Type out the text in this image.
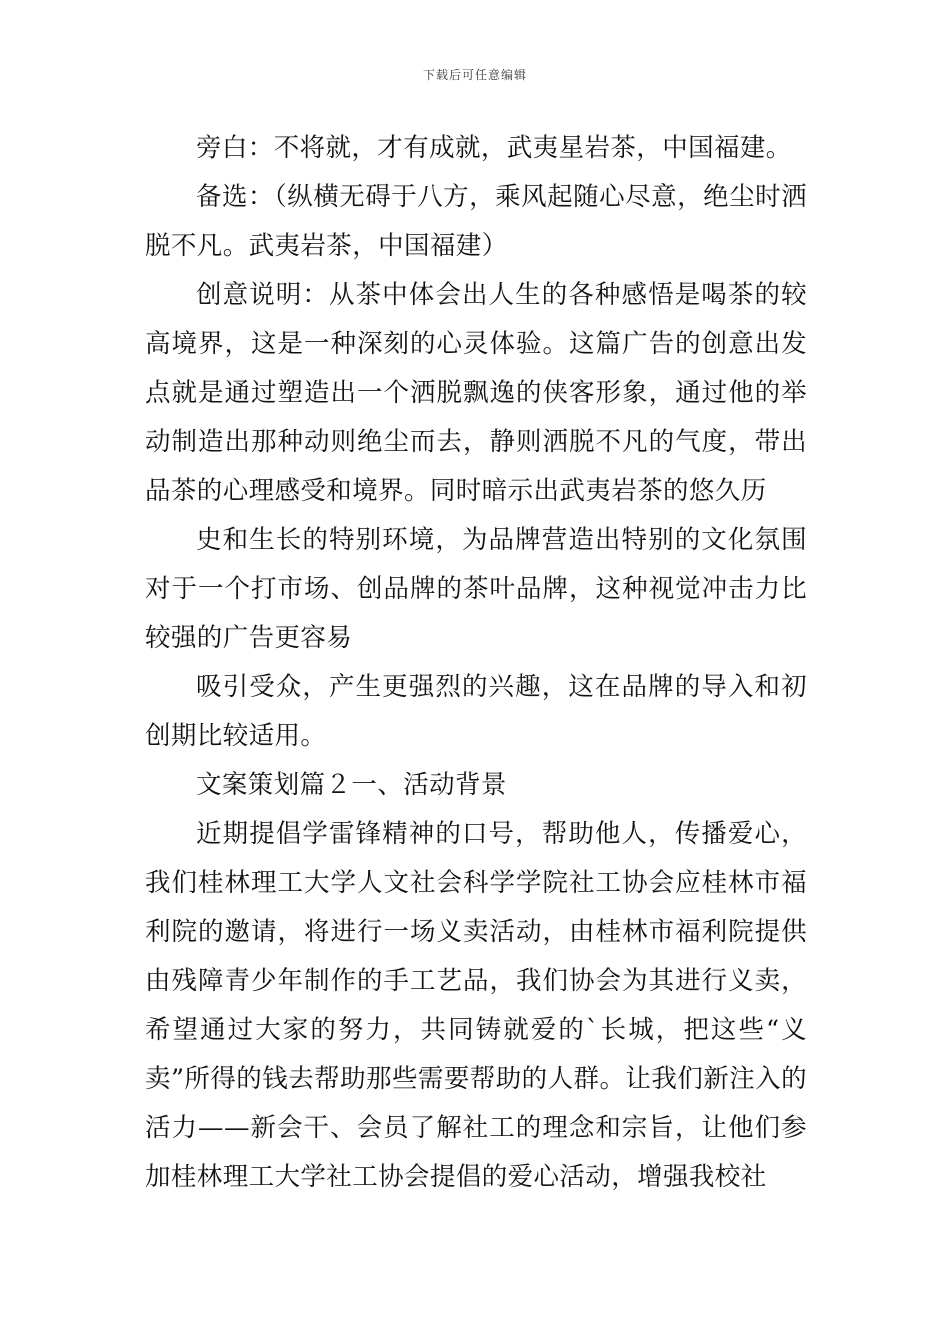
下载后可任意编辑

旁白：不将就，才有成就，武夷星岩茶，中国福建。

备选：（纵横无碍于八方，乘风起随心尽意，绝尘时洒脱不凡。武夷岩茶，中国福建）

创意说明：从茶中体会出人生的各种感悟是喝茶的较高境界，这是一种深刻的心灵体验。这篇广告的创意出发点就是通过塑造出一个洒脱飘逸的侠客形象，通过他的举动制造出那种动则绝尘而去，静则洒脱不凡的气度，带出品茶的心理感受和境界。同时暗示出武夷岩茶的悠久历

史和生长的特别环境，为品牌营造出特别的文化氛围对于一个打市场、创品牌的茶叶品牌，这种视觉冲击力比较强的广告更容易

吸引受众，产生更强烈的兴趣，这在品牌的导入和初创期比较适用。

文案策划篇２一、活动背景

近期提倡学雷锋精神的口号，帮助他人，传播爱心，我们桂林理工大学人文社会科学学院社工协会应桂林市福利院的邀请，将进行一场义卖活动，由桂林市福利院提供由残障青少年制作的手工艺品，我们协会为其进行义卖，希望通过大家的努力，共同铸就爱的`长城，把这些“义卖”所得的钱去帮助那些需要帮助的人群。让我们新注入的活力——新会干、会员了解社工的理念和宗旨，让他们参加桂林理工大学社工协会提倡的爱心活动，增强我校社
